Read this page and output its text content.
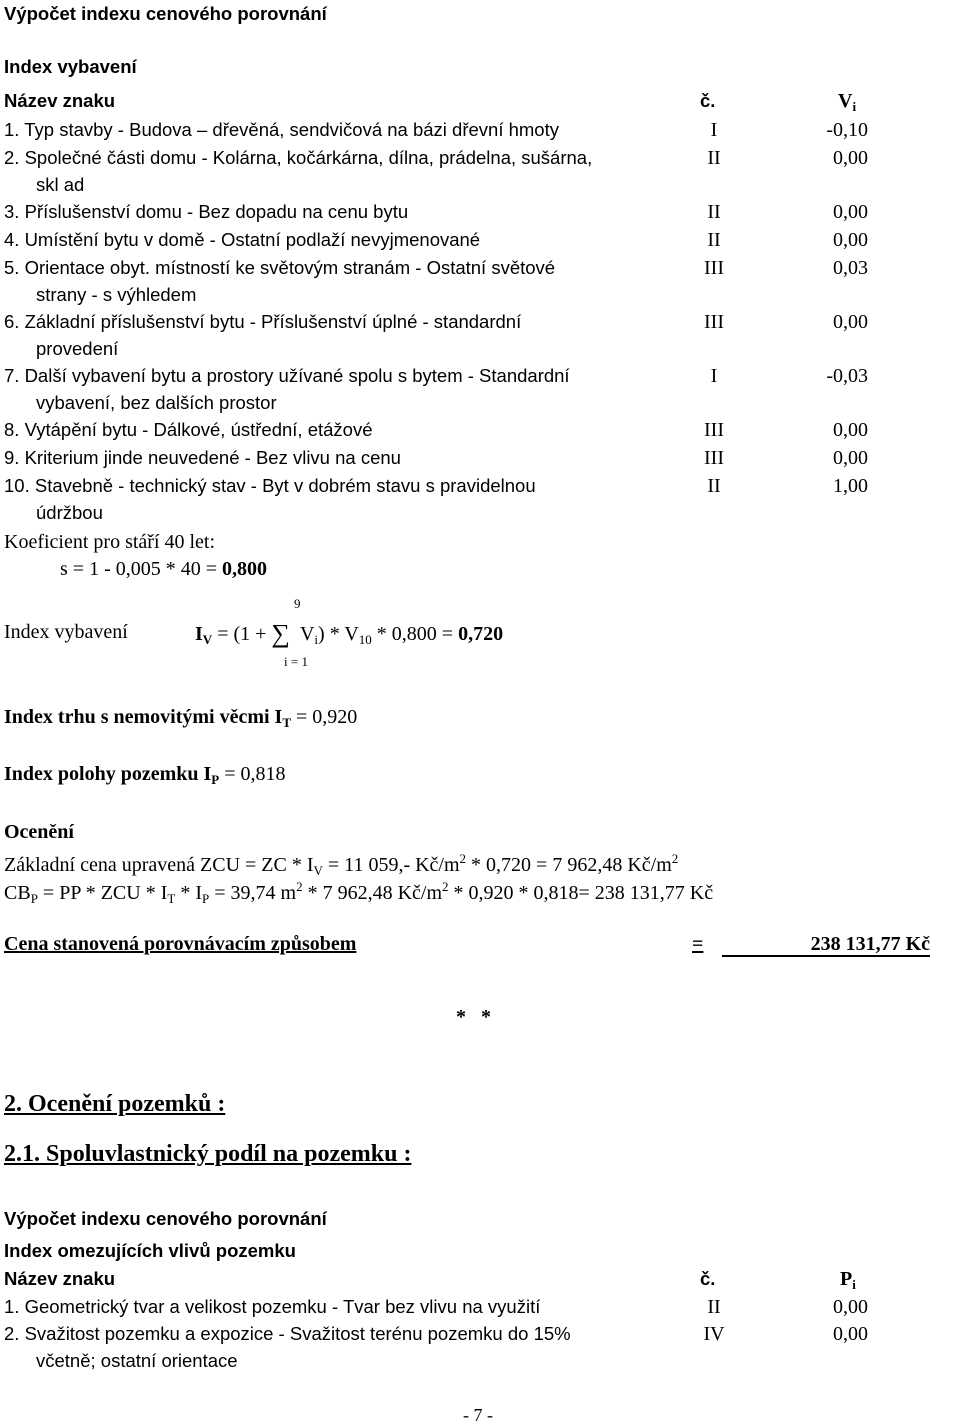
Výpočet indexu cenového porovnání
Index vybavení
Název znaku	č.	$V_i$
1. Typ stavby - Budova – dřevěná, sendvičová na bázi dřevní hmoty	I	-0,10
2. Společné části domu - Kolárna, kočárkárna, dílna, prádelna, sušárna,
skl ad
II	0,00
3. Příslušenství domu - Bez dopadu na cenu bytu	II	0,00
4. Umístění bytu v domě - Ostatní podlaží nevyjmenované	II	0,00
5. Orientace obyt. místností ke světovým stranám - Ostatní světové
strany - s výhledem
III	0,03
6. Základní příslušenství bytu - Příslušenství úplné - standardní
provedení
III	0,00
7. Další vybavení bytu a prostory užívané spolu s bytem - Standardní
vybavení, bez dalších prostor
I	-0,03
8. Vytápění bytu - Dálkové, ústřední, etážové	III	0,00
9. Kriterium jinde neuvedené - Bez vlivu na cenu	III	0,00
10. Stavebně - technický stav - Byt v dobrém stavu s pravidelnou
údržbou
II	1,00
Koeficient pro stáří 40 let:
s = 1 - 0,005 * 40 = 0,800
9
Index vybavení	$I_V = (1$ + ∑ $V_i) * V_{10} * 0,800 = 0,720$
i = 1
Index trhu s nemovitými věcmi $I_T = 0,920$
Index polohy pozemku $I_P = 0,818$
Ocenění
Základní cena upravená ZCU = ZC * $I_V = 11$ 059,- $Kč/m^2 * 0,720 = 7$ 962,48 $Kč/m^2$
$CB_P$ = PP * ZCU * $I_T * I_P = 39,74$ $m^2 * 7$ 962,48 $Kč/m^2 * 0,920 * 0,818= 238$ 131,77 Kč
Cena stanovená porovnávacím způsobem	=	238 131,77 Kč
*   *
2. Ocenění pozemků :
2.1. Spoluvlastnický podíl na pozemku :
Výpočet indexu cenového porovnání
Index omezujících vlivů pozemku
Název znaku	č.	$P_i$
1. Geometrický tvar a velikost pozemku - Tvar bez vlivu na využití	II	0,00
2. Svažitost pozemku a expozice - Svažitost terénu pozemku do 15%
včetně; ostatní orientace
IV	0,00
- 7 -
